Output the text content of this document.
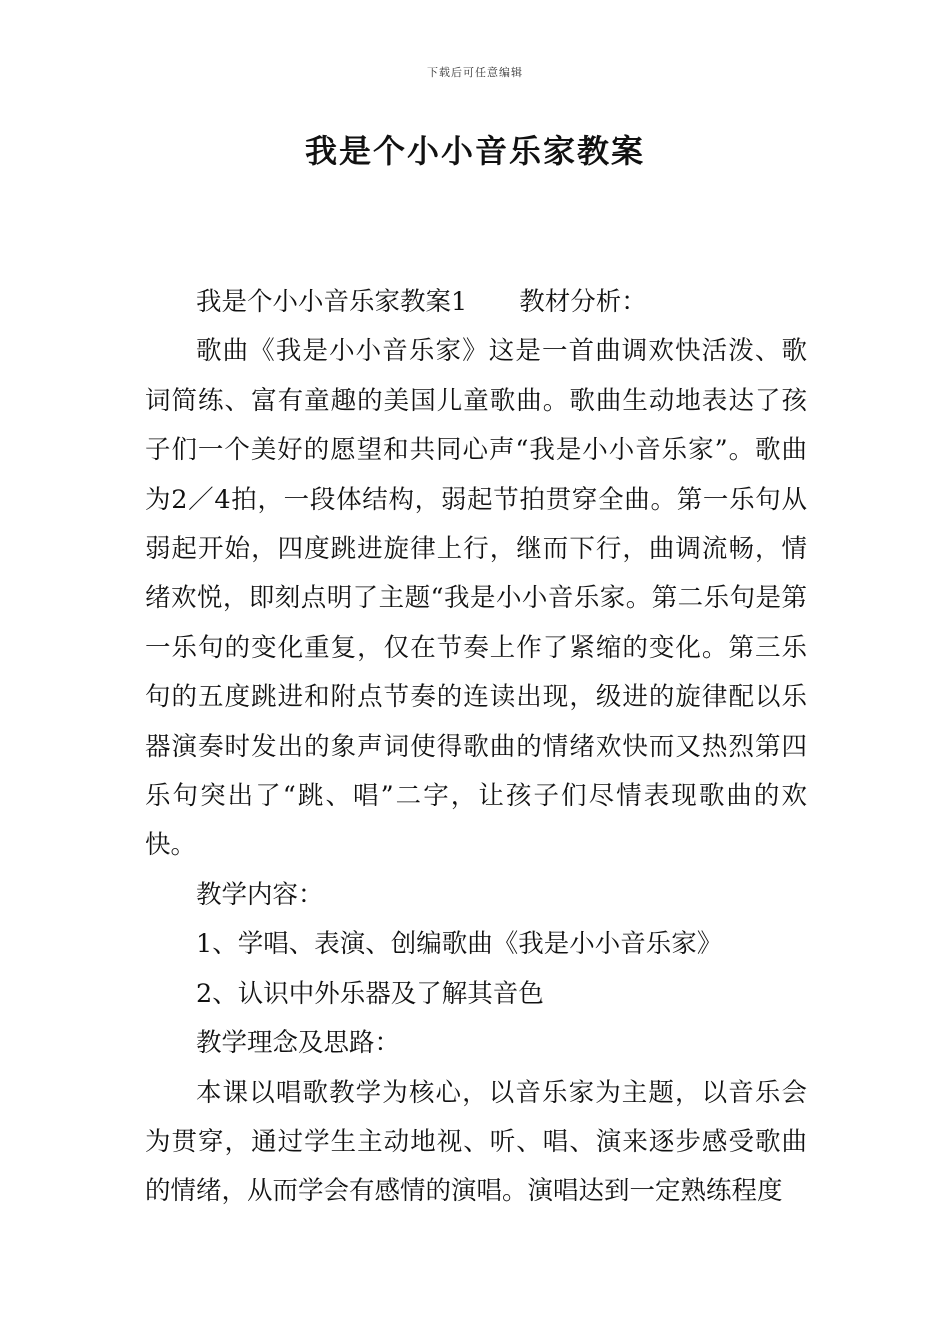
下载后可任意编辑
我是个小小音乐家教案

我是个小小音乐家教案1 教材分析：

歌曲《我是小小音乐家》这是一首曲调欢快活泼、歌词简练、富有童趣的美国儿童歌曲。歌曲生动地表达了孩子们一个美好的愿望和共同心声“我是小小音乐家”。歌曲为2／4拍，一段体结构，弱起节拍贯穿全曲。第一乐句从弱起开始，四度跳进旋律上行，继而下行，曲调流畅，情绪欢悦，即刻点明了主题“我是小小音乐家。第二乐句是第一乐句的变化重复，仅在节奏上作了紧缩的变化。第三乐句的五度跳进和附点节奏的连读出现，级进的旋律配以乐器演奏时发出的象声词使得歌曲的情绪欢快而又热烈第四乐句突出了“跳、唱”二字，让孩子们尽情表现歌曲的欢快。

教学内容：

1、学唱、表演、创编歌曲《我是小小音乐家》

2、认识中外乐器及了解其音色

教学理念及思路：

本课以唱歌教学为核心，以音乐家为主题，以音乐会为贯穿，通过学生主动地视、听、唱、演来逐步感受歌曲的情绪，从而学会有感情的演唱。演唱达到一定熟练程度
